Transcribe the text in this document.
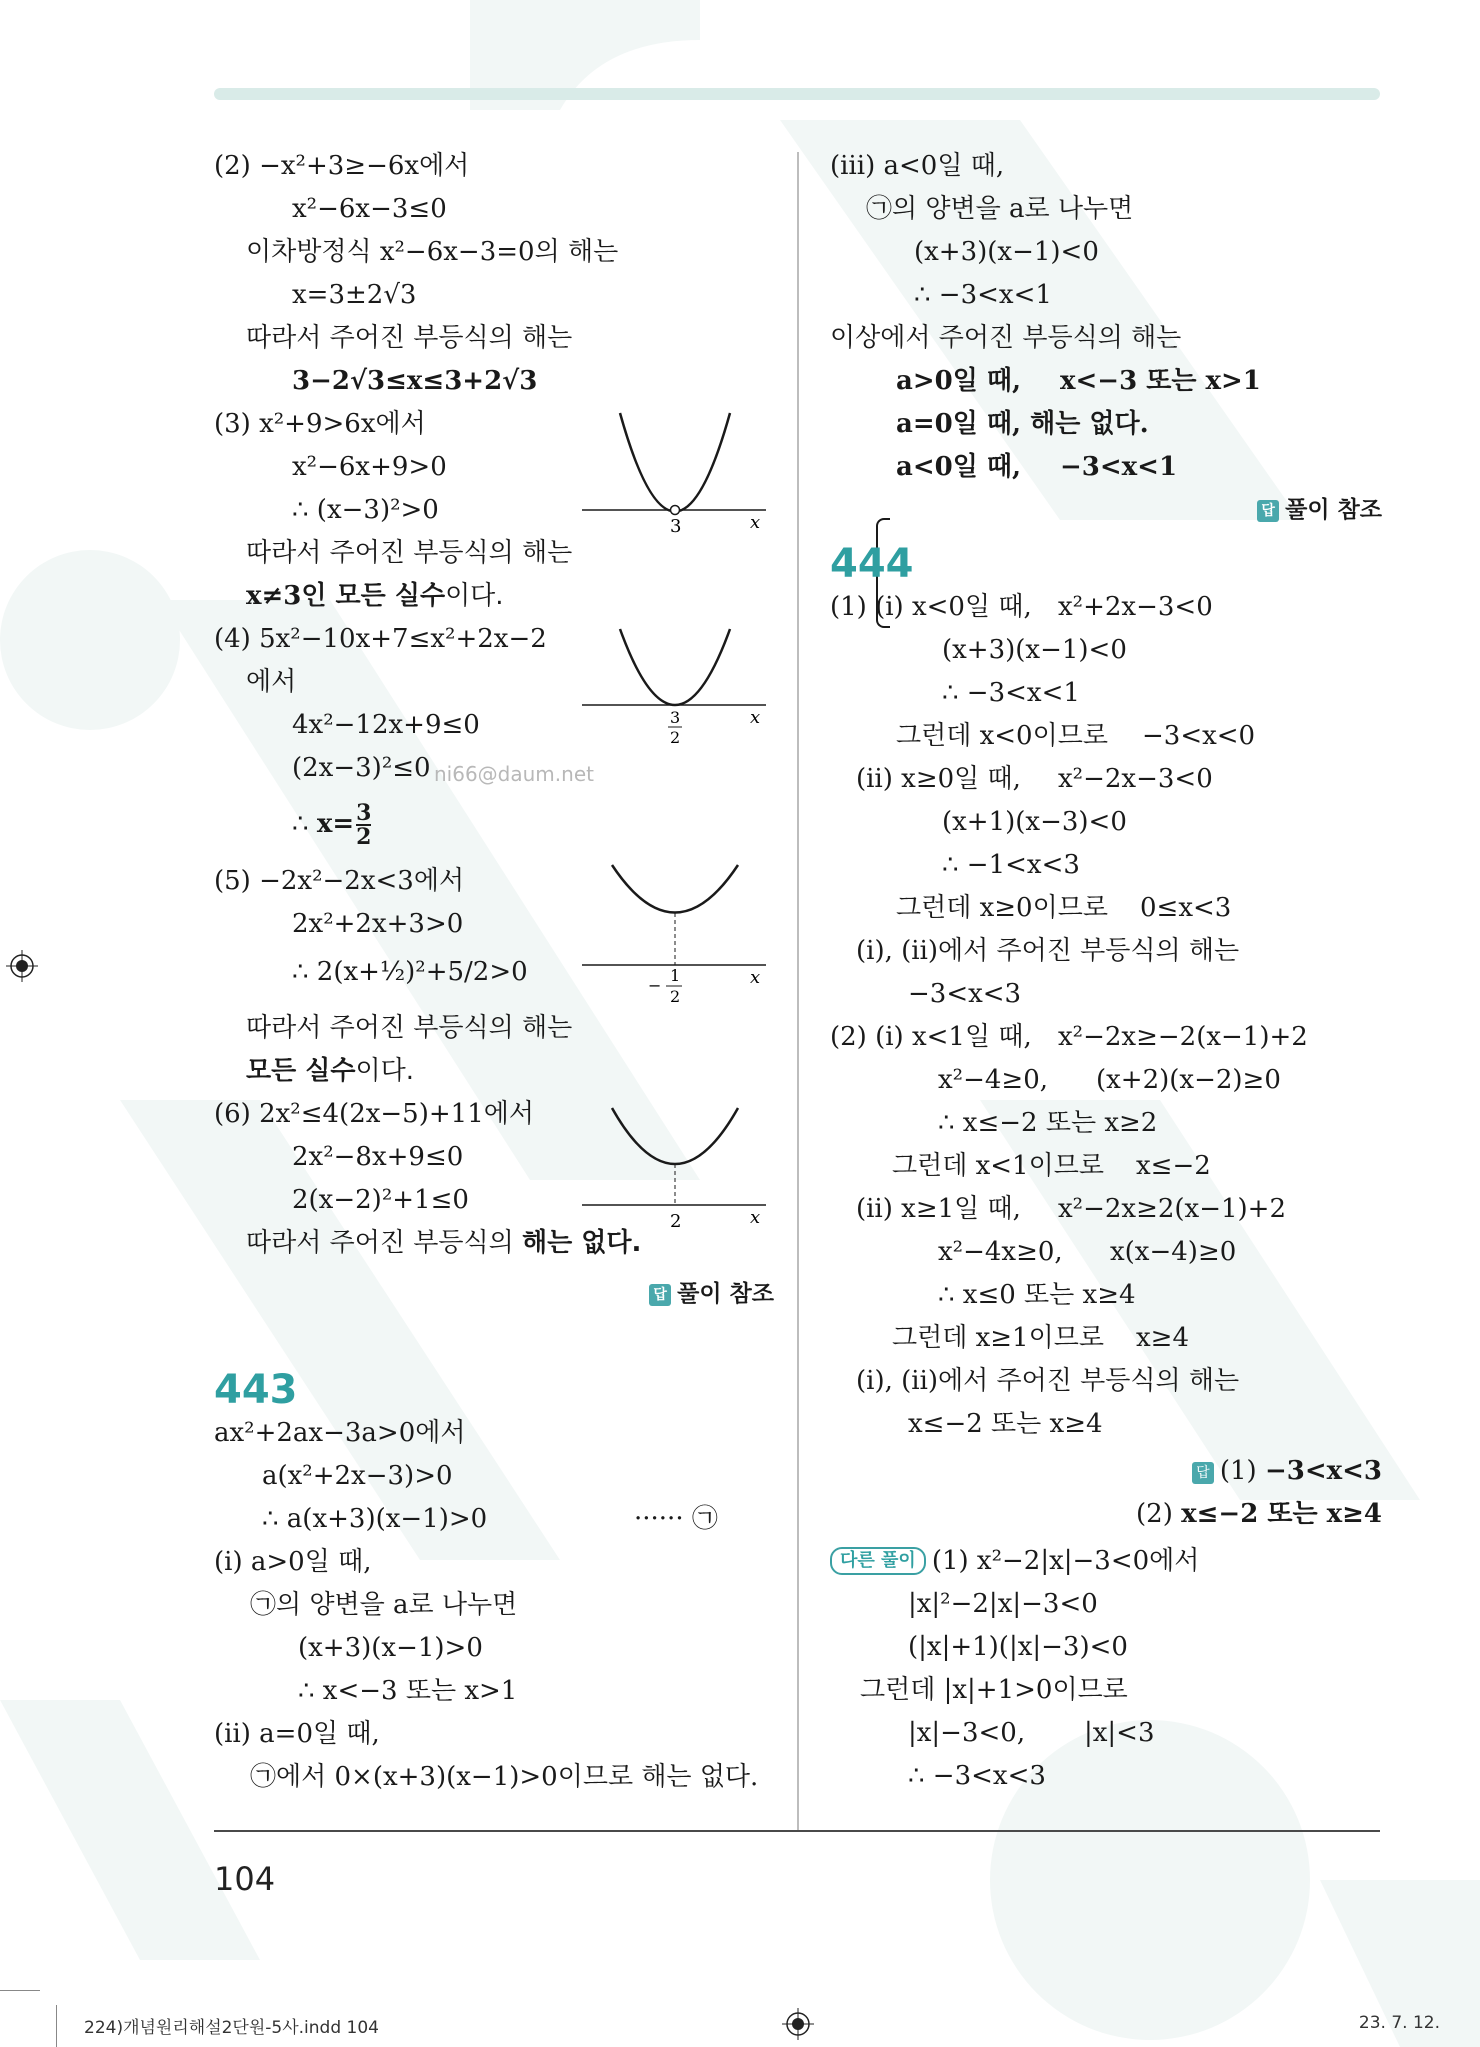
(2) −x²+3≥−6x에서
x²−6x−3≤0
이차방정식 x²−6x−3=0의 해는
x=3±2√3
따라서 주어진 부등식의 해는
3−2√3≤x≤3+2√3
(3) x²+9>6x에서
x²−6x+9>0
∴ (x−3)²>0
따라서 주어진 부등식의 해는
x≠3인 모든 실수이다.
(4) 5x²−10x+7≤x²+2x−2
에서
4x²−12x+9≤0
(2x−3)²≤0
∴ $x= \frac{3}{2}$
(5) −2x²−2x<3에서
2x²+2x+3>0
∴ 2(x+½)²+5/2>0
따라서 주어진 부등식의 해는
모든 실수이다.
(6) 2x²≤4(2x−5)+11에서
2x²−8x+9≤0
2(x−2)²+1≤0
따라서 주어진 부등식의 해는 없다.
답 풀이 참조
443
ax²+2ax−3a>0에서
a(x²+2x−3)>0
∴ a(x+3)(x−1)>0	······ ㉠
(ⅰ) a>0일 때,
㉠의 양변을 a로 나누면
(x+3)(x−1)>0
∴ x<−3 또는 x>1
(ⅱ) a=0일 때,
㉠에서 0×(x+3)(x−1)>0이므로 해는 없다.
3	x
3
2
x
−
1
2
x
2	x
ni66@daum.net
(ⅲ) a<0일 때,
㉠의 양변을 a로 나누면
(x+3)(x−1)<0
∴ −3<x<1
이상에서 주어진 부등식의 해는
a>0일 때, x<−3 또는 x>1
a=0일 때, 해는 없다.
a<0일 때, −3<x<1
답 풀이 참조
444
(1) (ⅰ) x<0일 때, x²+2x−3<0
(x+3)(x−1)<0
∴ −3<x<1
그런데 x<0이므로 −3<x<0
(ⅱ) x≥0일 때, x²−2x−3<0
(x+1)(x−3)<0
∴ −1<x<3
그런데 x≥0이므로 0≤x<3
(ⅰ), (ⅱ)에서 주어진 부등식의 해는
−3<x<3
(2) (ⅰ) x<1일 때, x²−2x≥−2(x−1)+2
x²−4≥0, (x+2)(x−2)≥0
∴ x≤−2 또는 x≥2
그런데 x<1이므로 x≤−2
(ⅱ) x≥1일 때, x²−2x≥2(x−1)+2
x²−4x≥0, x(x−4)≥0
∴ x≤0 또는 x≥4
그런데 x≥1이므로 x≥4
(ⅰ), (ⅱ)에서 주어진 부등식의 해는
x≤−2 또는 x≥4
답 (1) −3<x<3
(2) x≤−2 또는 x≥4
다른 풀이 (1) x²−2|x|−3<0에서
|x|²−2|x|−3<0
(|x|+1)(|x|−3)<0
그런데 |x|+1>0이므로
|x|−3<0, |x|<3
∴ −3<x<3
104
224)개념원리해설2단원-5사.indd 104	23. 7. 12.
